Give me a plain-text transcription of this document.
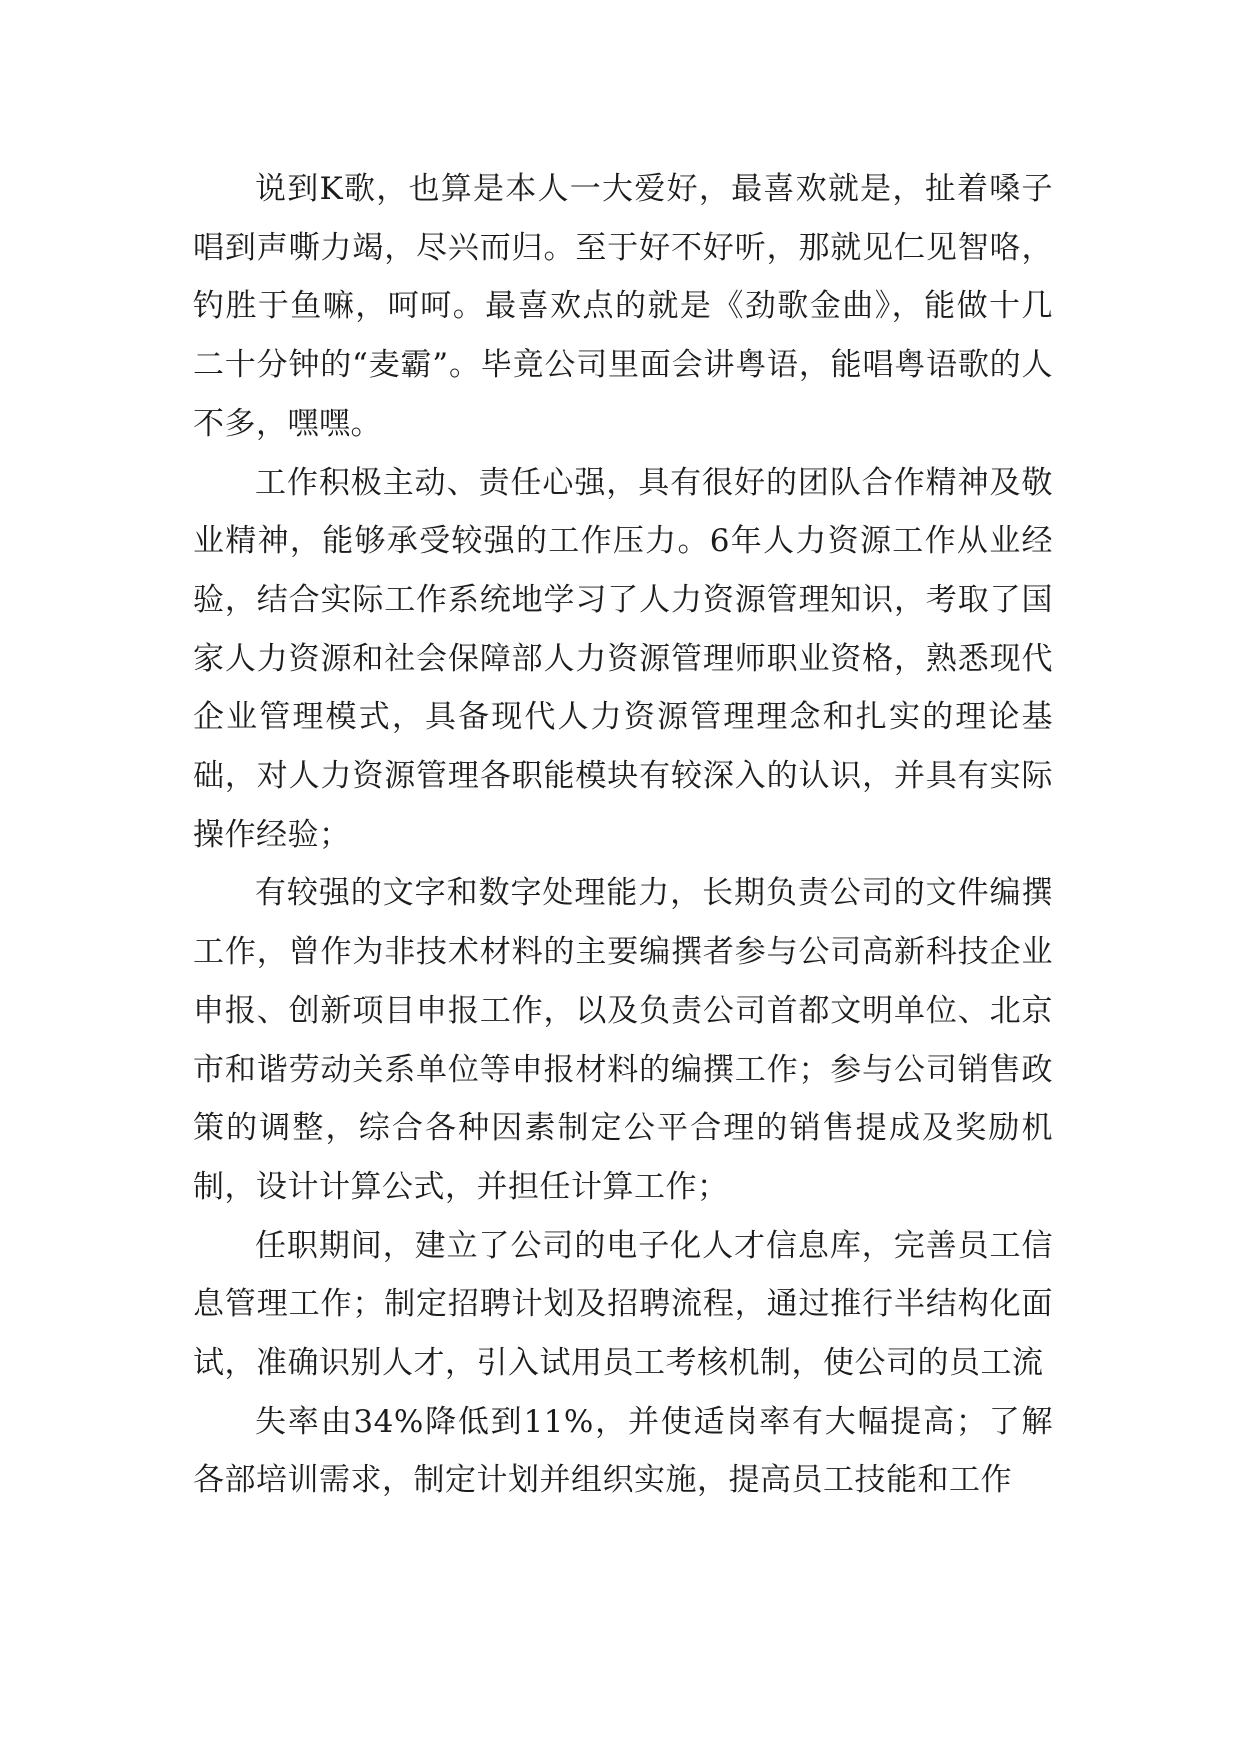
说到K歌，也算是本人一大爱好，最喜欢就是，扯着嗓子唱到声嘶力竭，尽兴而归。至于好不好听，那就见仁见智咯，钓胜于鱼嘛，呵呵。最喜欢点的就是《劲歌金曲》，能做十几二十分钟的“麦霸”。毕竟公司里面会讲粤语，能唱粤语歌的人不多，嘿嘿。

工作积极主动、责任心强，具有很好的团队合作精神及敬业精神，能够承受较强的工作压力。6年人力资源工作从业经验，结合实际工作系统地学习了人力资源管理知识，考取了国家人力资源和社会保障部人力资源管理师职业资格，熟悉现代企业管理模式，具备现代人力资源管理理念和扎实的理论基础，对人力资源管理各职能模块有较深入的认识，并具有实际操作经验；

有较强的文字和数字处理能力，长期负责公司的文件编撰工作，曾作为非技术材料的主要编撰者参与公司高新科技企业申报、创新项目申报工作，以及负责公司首都文明单位、北京市和谐劳动关系单位等申报材料的编撰工作；参与公司销售政策的调整，综合各种因素制定公平合理的销售提成及奖励机制，设计计算公式，并担任计算工作；

任职期间，建立了公司的电子化人才信息库，完善员工信息管理工作；制定招聘计划及招聘流程，通过推行半结构化面试，准确识别人才，引入试用员工考核机制，使公司的员工流

失率由34%降低到11%，并使适岗率有大幅提高；了解各部培训需求，制定计划并组织实施，提高员工技能和工作
